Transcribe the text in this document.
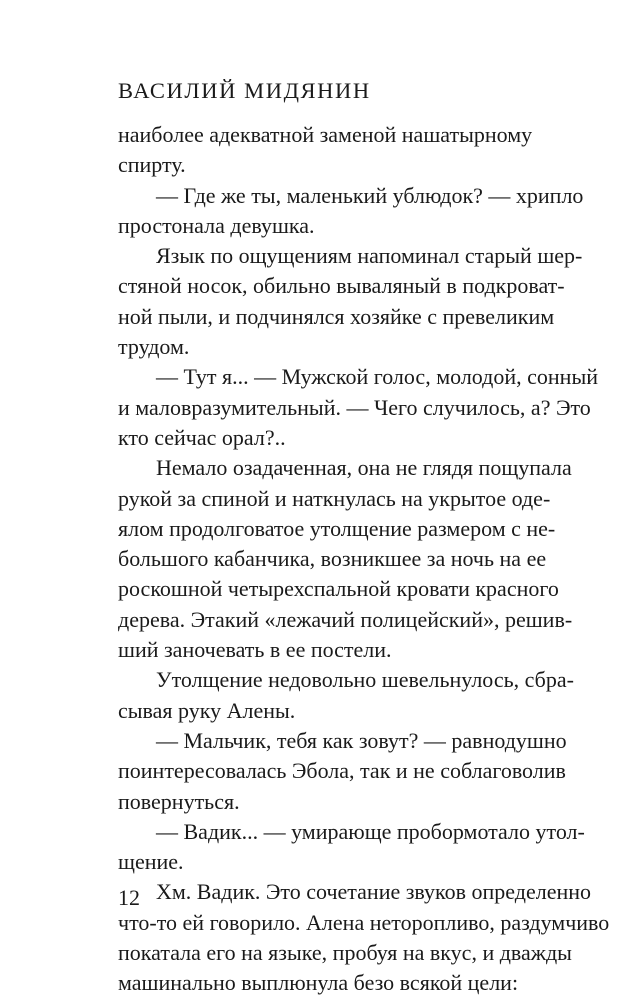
ВАСИЛИЙ МИДЯНИН
наиболее адекватной заменой нашатырному
спирту.
— Где же ты, маленький ублюдок? — хрипло
простонала девушка.
Язык по ощущениям напоминал старый шер-
стяной носок, обильно вываляный в подкроват-
ной пыли, и подчинялся хозяйке с превеликим
трудом.
— Тут я... — Мужской голос, молодой, сонный
и маловразумительный. — Чего случилось, а? Это
кто сейчас орал?..
Немало озадаченная, она не глядя пощупала
рукой за спиной и наткнулась на укрытое оде-
ялом продолговатое утолщение размером с не-
большого кабанчика, возникшее за ночь на ее
роскошной четырехспальной кровати красного
дерева. Этакий «лежачий полицейский», решив-
ший заночевать в ее постели.
Утолщение недовольно шевельнулось, сбра-
сывая руку Алены.
— Мальчик, тебя как зовут? — равнодушно
поинтересовалась Эбола, так и не соблаговолив
повернуться.
— Вадик... — умирающе пробормотало утол-
щение.
Хм. Вадик. Это сочетание звуков определенно
что-то ей говорило. Алена неторопливо, раздумчиво
покатала его на языке, пробуя на вкус, и дважды
машинально выплюнула безо всякой цели:
12
